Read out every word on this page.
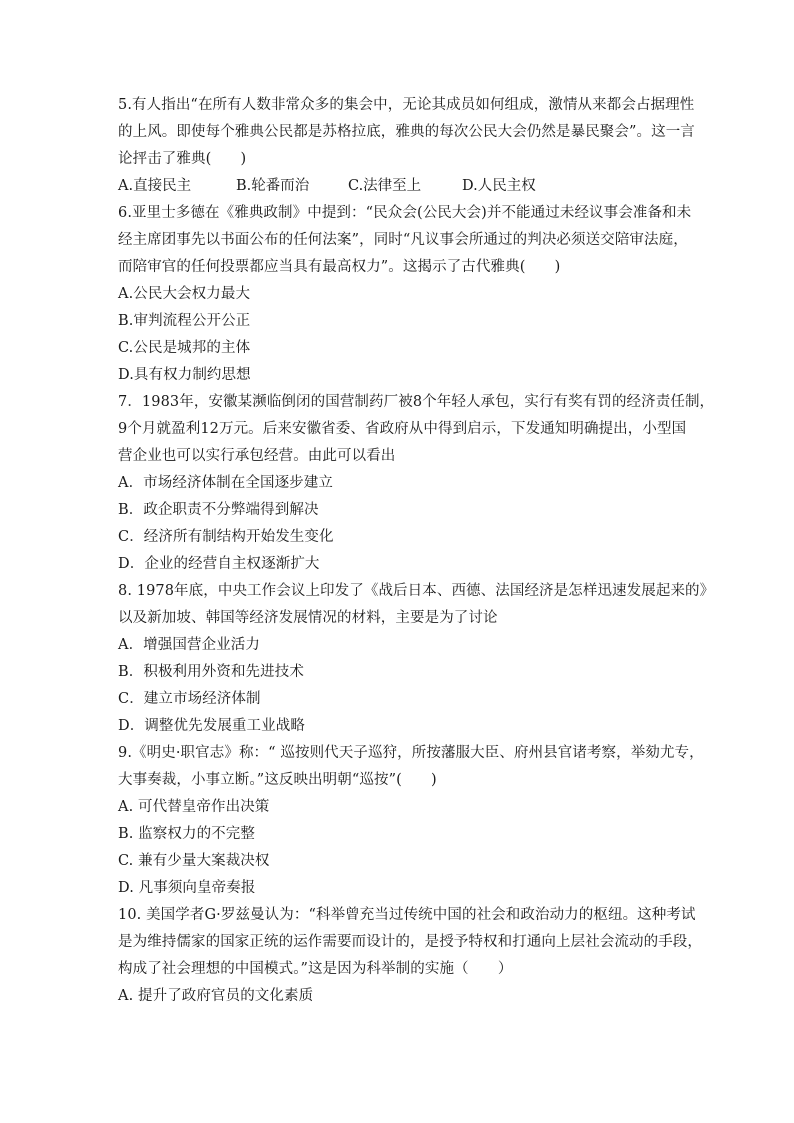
5.有人指出“在所有人数非常众多的集会中，无论其成员如何组成，激情从来都会占据理性
的上风。即使每个雅典公民都是苏格拉底，雅典的每次公民大会仍然是暴民聚会”。这一言
论抨击了雅典(　　)
A.直接民主	B.轮番而治	C.法律至上	D.人民主权
6.亚里士多德在《雅典政制》中提到：“民众会(公民大会)并不能通过未经议事会准备和未
经主席团事先以书面公布的任何法案”，同时“凡议事会所通过的判决必须送交陪审法庭，
而陪审官的任何投票都应当具有最高权力”。这揭示了古代雅典(　　)
A.公民大会权力最大
B.审判流程公开公正
C.公民是城邦的主体
D.具有权力制约思想
7．1983年，安徽某濒临倒闭的国营制药厂被8个年轻人承包，实行有奖有罚的经济责任制，
9个月就盈利12万元。后来安徽省委、省政府从中得到启示，下发通知明确提出，小型国
营企业也可以实行承包经营。由此可以看出
A．市场经济体制在全国逐步建立
B．政企职责不分弊端得到解决
C．经济所有制结构开始发生变化
D．企业的经营自主权逐渐扩大
8. 1978年底，中央工作会议上印发了《战后日本、西德、法国经济是怎样迅速发展起来的》
以及新加坡、韩国等经济发展情况的材料，主要是为了讨论
A．增强国营企业活力
B．积极利用外资和先进技术
C．建立市场经济体制
D．调整优先发展重工业战略
9.《明史·职官志》称：“ 巡按则代天子巡狩，所按藩服大臣、府州县官诸考察，举劾尤专，
大事奏裁，小事立断。”这反映出明朝“巡按”(　　)
A. 可代替皇帝作出决策
B. 监察权力的不完整
C. 兼有少量大案裁决权
D. 凡事须向皇帝奏报
10. 美国学者G·罗兹曼认为：“科举曾充当过传统中国的社会和政治动力的枢纽。这种考试
是为维持儒家的国家正统的运作需要而设计的，是授予特权和打通向上层社会流动的手段，
构成了社会理想的中国模式。”这是因为科举制的实施（　　）
A. 提升了政府官员的文化素质
